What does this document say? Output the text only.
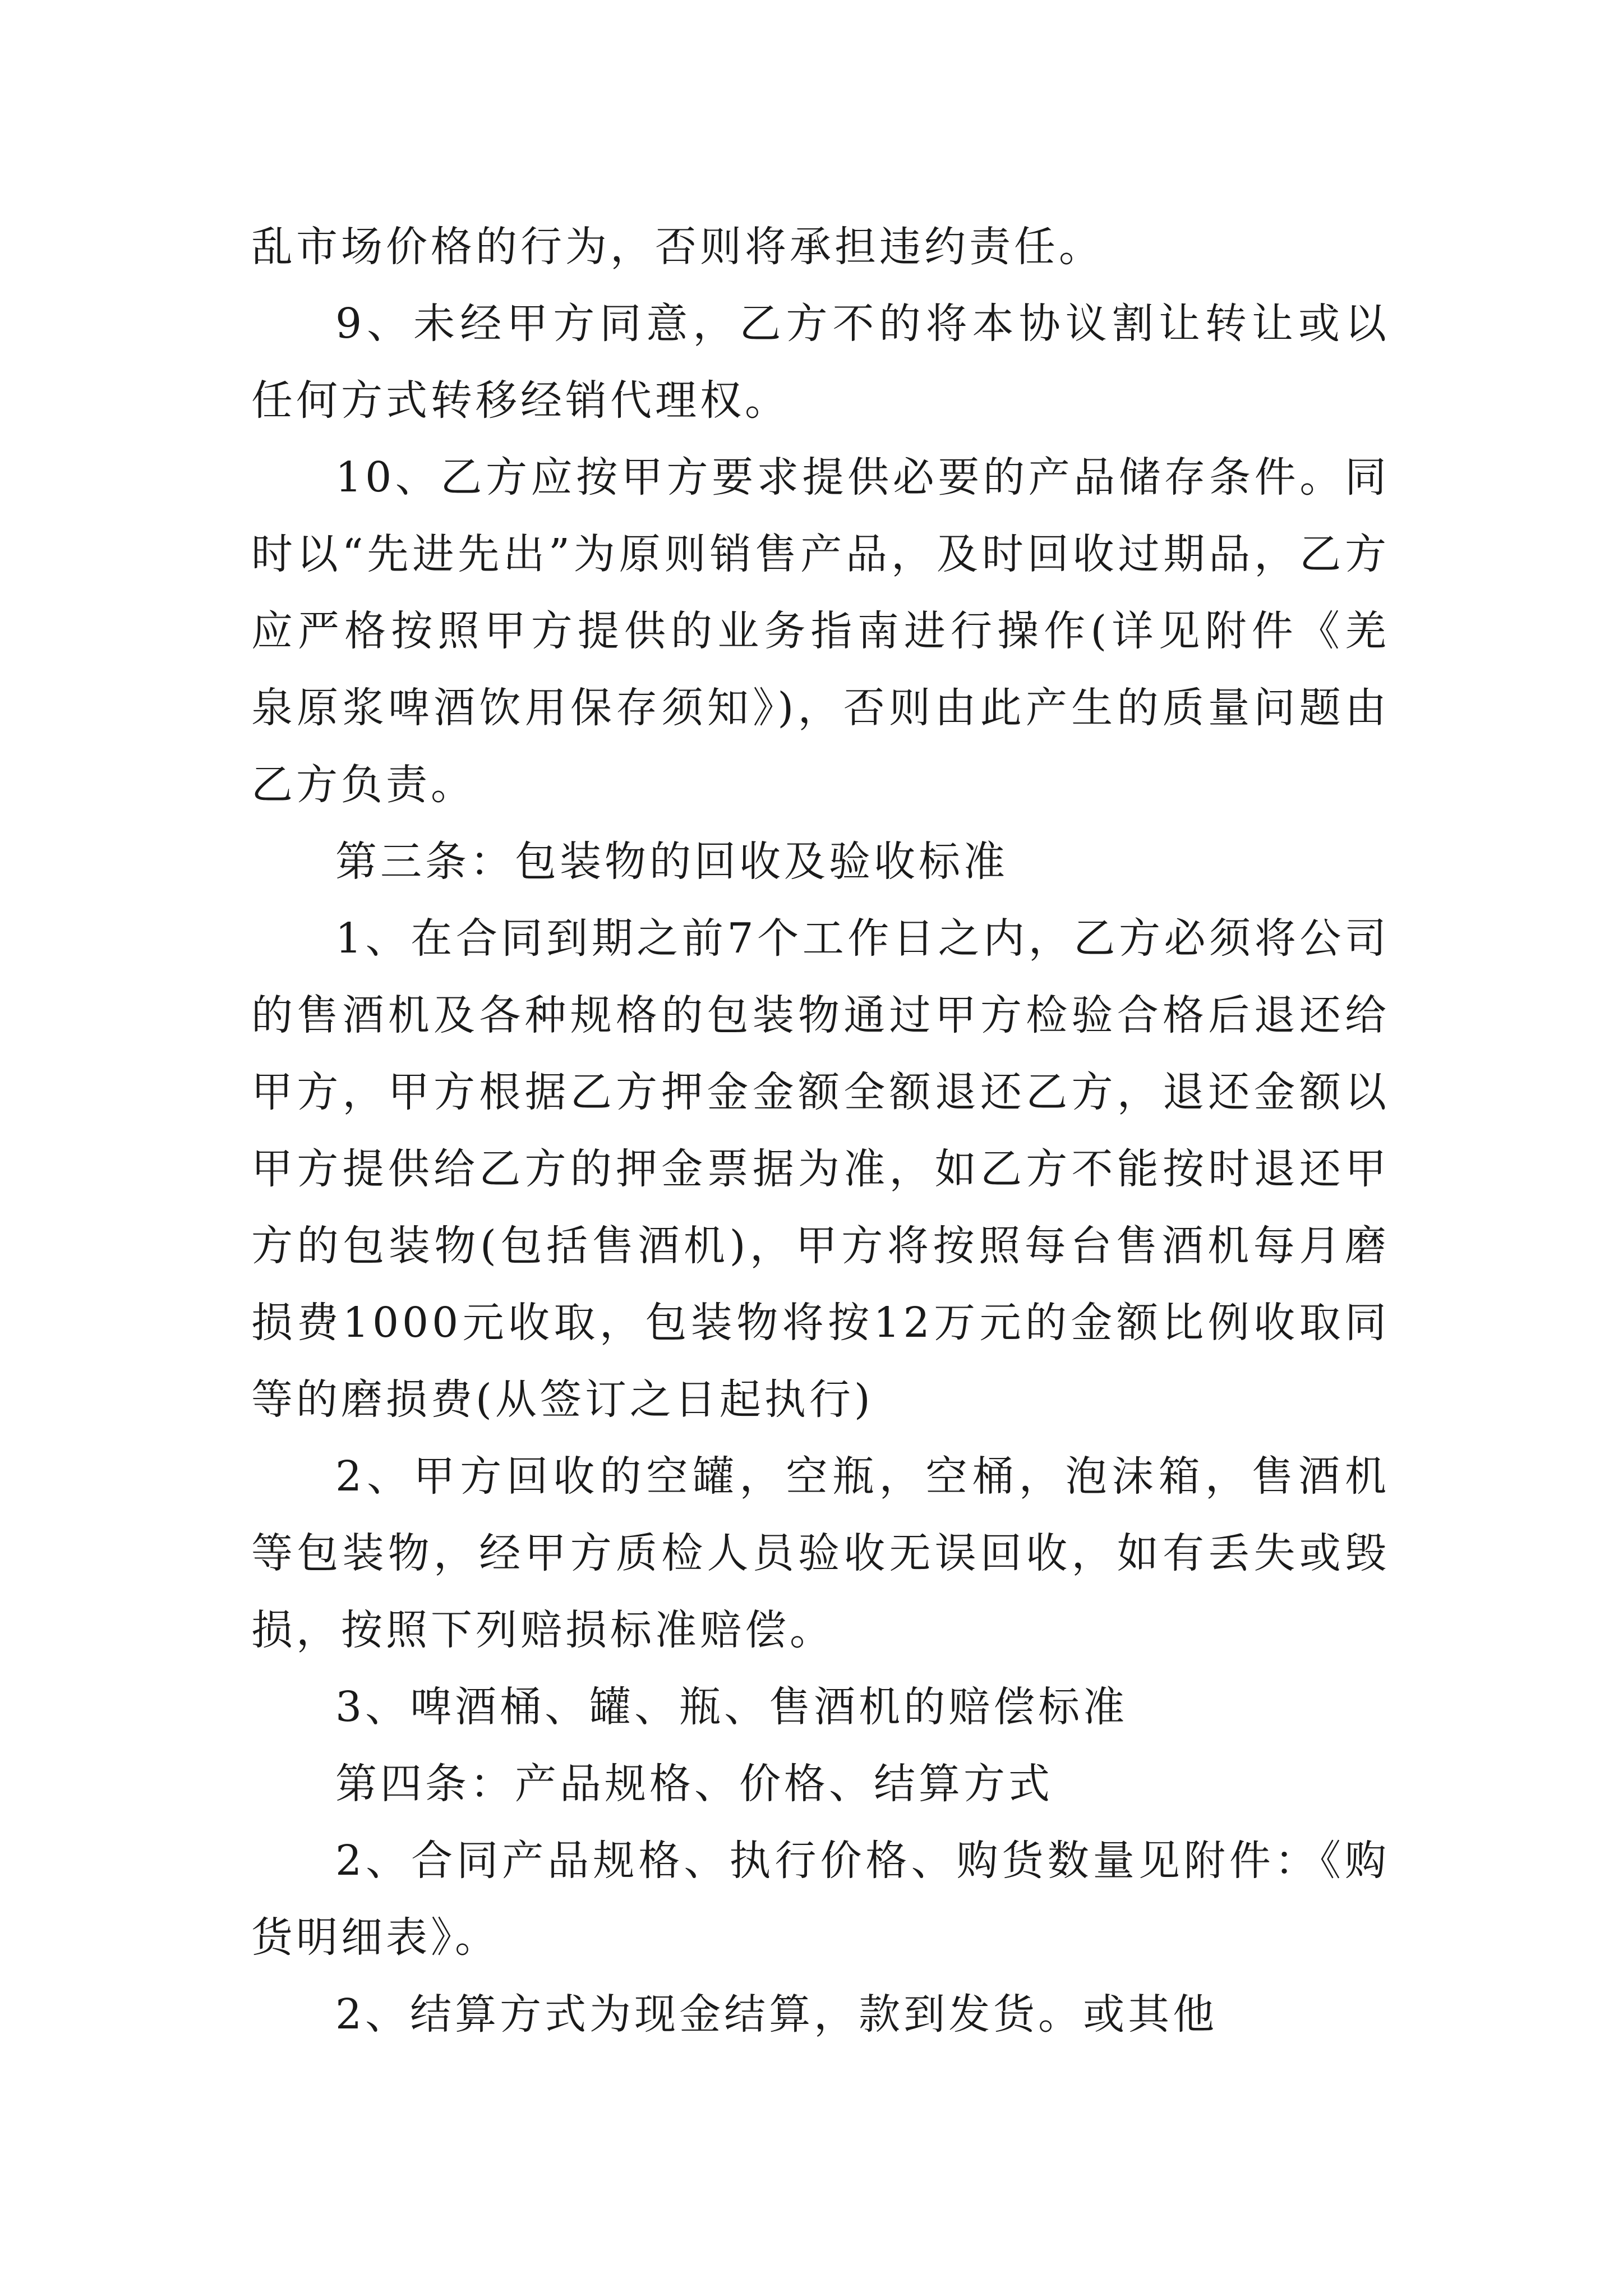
乱市场价格的行为，否则将承担违约责任。

9、未经甲方同意，乙方不的将本协议割让转让或以任何方式转移经销代理权。

10、乙方应按甲方要求提供必要的产品储存条件。同时以“先进先出”为原则销售产品，及时回收过期品，乙方应严格按照甲方提供的业务指南进行操作(详见附件《羌泉原浆啤酒饮用保存须知》)，否则由此产生的质量问题由乙方负责。

第三条：包装物的回收及验收标准

1、在合同到期之前7个工作日之内，乙方必须将公司的售酒机及各种规格的包装物通过甲方检验合格后退还给甲方，甲方根据乙方押金金额全额退还乙方，退还金额以甲方提供给乙方的押金票据为准，如乙方不能按时退还甲方的包装物(包括售酒机)，甲方将按照每台售酒机每月磨损费1000元收取，包装物将按12万元的金额比例收取同等的磨损费(从签订之日起执行)

2、甲方回收的空罐，空瓶，空桶，泡沫箱，售酒机等包装物，经甲方质检人员验收无误回收，如有丢失或毁损，按照下列赔损标准赔偿。

3、啤酒桶、罐、瓶、售酒机的赔偿标准

第四条：产品规格、价格、结算方式

2、合同产品规格、执行价格、购货数量见附件：《购货明细表》。

2、结算方式为现金结算，款到发货。或其他
